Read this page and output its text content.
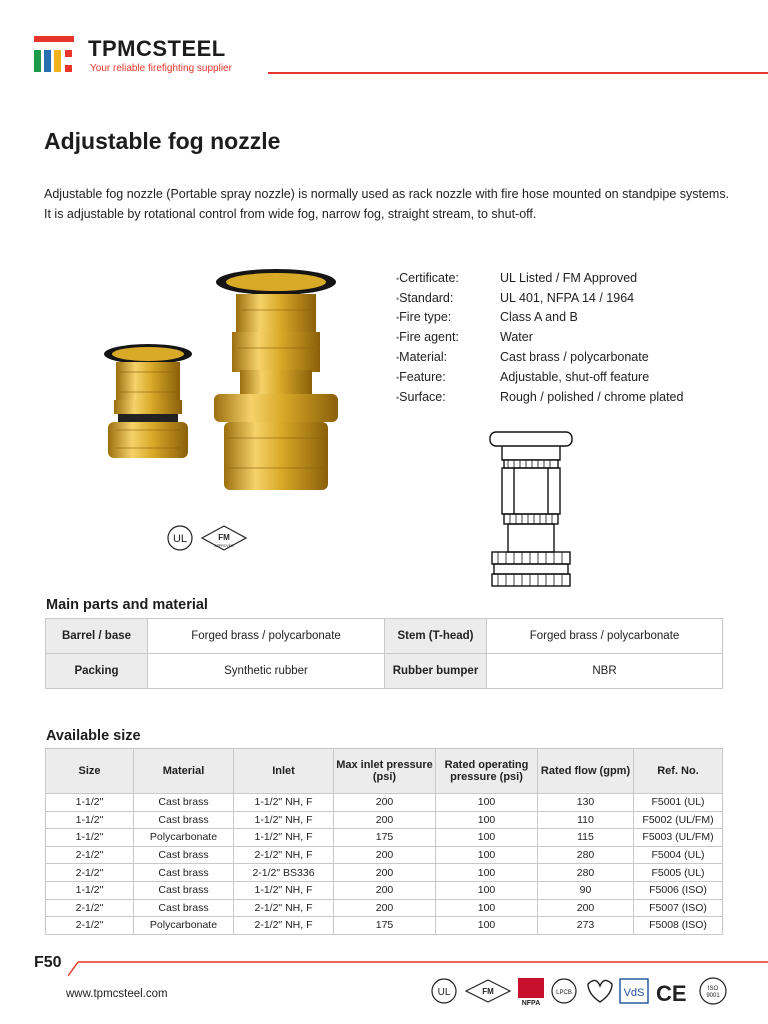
TPMCSTEEL
Your reliable firefighting supplier
Adjustable fog nozzle

Adjustable fog nozzle (Portable spray nozzle) is normally used as rack nozzle with fire hose mounted on standpipe systems. It is adjustable by rotational control from wide fog, narrow fog, straight stream, to shut-off.

• Certificate:	UL Listed / FM Approved
• Standard:	UL 401, NFPA 14 / 1964
• Fire type:	Class A and B
• Fire agent:	Water
• Material:	Cast brass / polycarbonate
• Feature:	Adjustable, shut-off feature
• Surface:	Rough / polished / chrome plated
UL	FM
APPROVED
Main parts and material
Barrel / base	Forged brass / polycarbonate	Stem (T-head)	Forged brass / polycarbonate
Packing	Synthetic rubber	Rubber bumper	NBR
Available size
Size	Material	Inlet	Max inlet pressure (psi)	Rated operating pressure (psi)	Rated flow (gpm)	Ref. No.
1-1/2"	Cast brass	1-1/2" NH, F	200	100	130	F5001 (UL)
1-1/2"	Cast brass	1-1/2" NH, F	200	100	110	F5002 (UL/FM)
1-1/2"	Polycarbonate	1-1/2" NH, F	175	100	115	F5003 (UL/FM)
2-1/2"	Cast brass	2-1/2" NH, F	200	100	280	F5004 (UL)
2-1/2"	Cast brass	2-1/2" BS336	200	100	280	F5005 (UL)
1-1/2"	Cast brass	1-1/2" NH, F	200	100	90	F5006 (ISO)
2-1/2"	Cast brass	2-1/2" NH, F	200	100	200	F5007 (ISO)
2-1/2"	Polycarbonate	2-1/2" NH, F	175	100	273	F5008 (ISO)
F50
www.tpmcsteel.com	UL	FM
NFPA
LPCB	VdS CE	ISO
9001
